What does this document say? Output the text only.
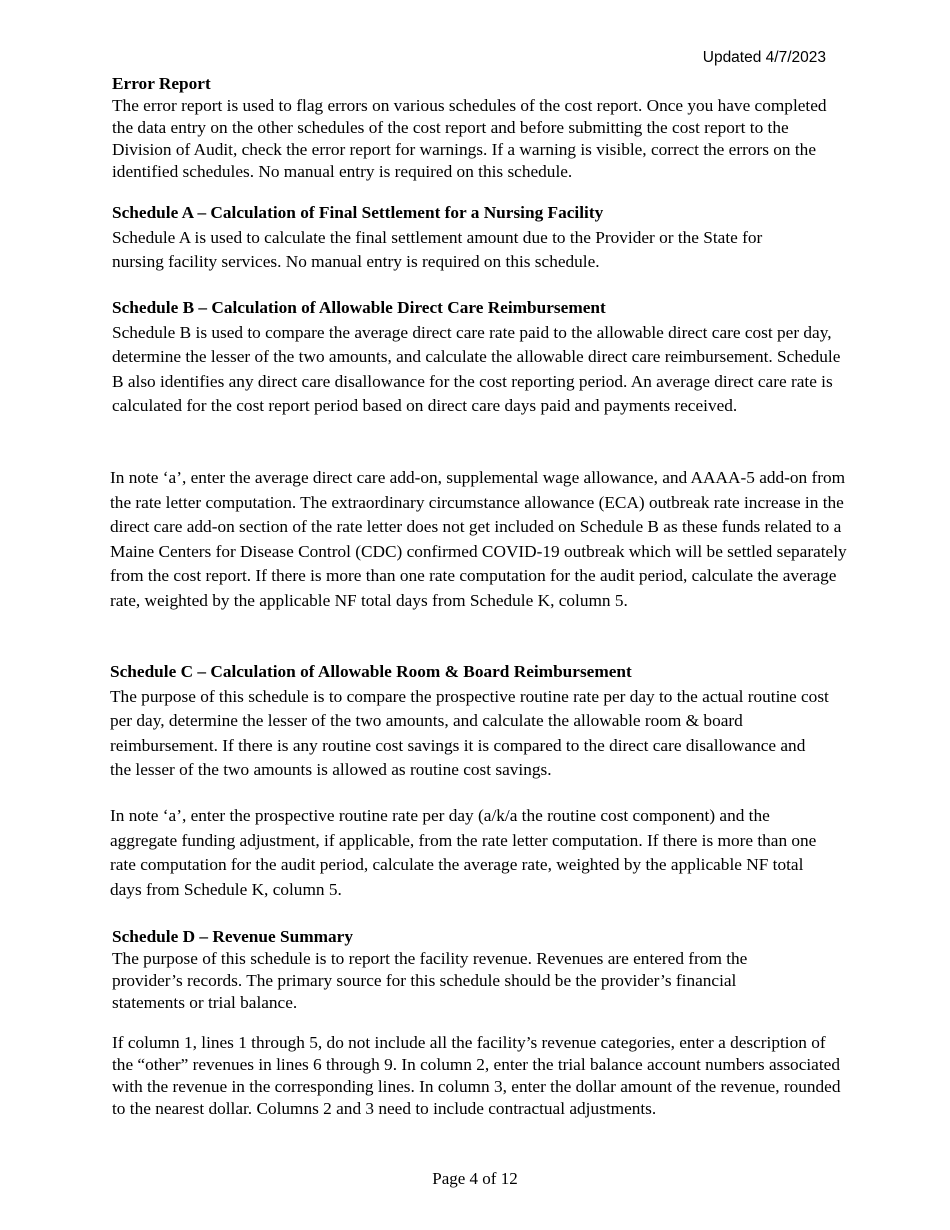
Updated 4/7/2023

Error Report

The error report is used to flag errors on various schedules of the cost report. Once you have completed the data entry on the other schedules of the cost report and before submitting the cost report to the Division of Audit, check the error report for warnings. If a warning is visible, correct the errors on the identified schedules. No manual entry is required on this schedule.

Schedule A – Calculation of Final Settlement for a Nursing Facility

Schedule A is used to calculate the final settlement amount due to the Provider or the State for nursing facility services. No manual entry is required on this schedule.

Schedule B – Calculation of Allowable Direct Care Reimbursement

Schedule B is used to compare the average direct care rate paid to the allowable direct care cost per day, determine the lesser of the two amounts, and calculate the allowable direct care reimbursement. Schedule B also identifies any direct care disallowance for the cost reporting period. An average direct care rate is calculated for the cost report period based on direct care days paid and payments received.

In note ‘a’, enter the average direct care add-on, supplemental wage allowance, and AAAA-5 add-on from the rate letter computation. The extraordinary circumstance allowance (ECA) outbreak rate increase in the direct care add-on section of the rate letter does not get included on Schedule B as these funds related to a Maine Centers for Disease Control (CDC) confirmed COVID-19 outbreak which will be settled separately from the cost report. If there is more than one rate computation for the audit period, calculate the average rate, weighted by the applicable NF total days from Schedule K, column 5.

Schedule C – Calculation of Allowable Room & Board Reimbursement

The purpose of this schedule is to compare the prospective routine rate per day to the actual routine cost per day, determine the lesser of the two amounts, and calculate the allowable room & board reimbursement. If there is any routine cost savings it is compared to the direct care disallowance and the lesser of the two amounts is allowed as routine cost savings.

In note ‘a’, enter the prospective routine rate per day (a/k/a the routine cost component) and the aggregate funding adjustment, if applicable, from the rate letter computation. If there is more than one rate computation for the audit period, calculate the average rate, weighted by the applicable NF total days from Schedule K, column 5.

Schedule D – Revenue Summary

The purpose of this schedule is to report the facility revenue. Revenues are entered from the provider’s records. The primary source for this schedule should be the provider’s financial statements or trial balance.

If column 1, lines 1 through 5, do not include all the facility’s revenue categories, enter a description of the “other” revenues in lines 6 through 9. In column 2, enter the trial balance account numbers associated with the revenue in the corresponding lines. In column 3, enter the dollar amount of the revenue, rounded to the nearest dollar. Columns 2 and 3 need to include contractual adjustments.

Page 4 of 12
